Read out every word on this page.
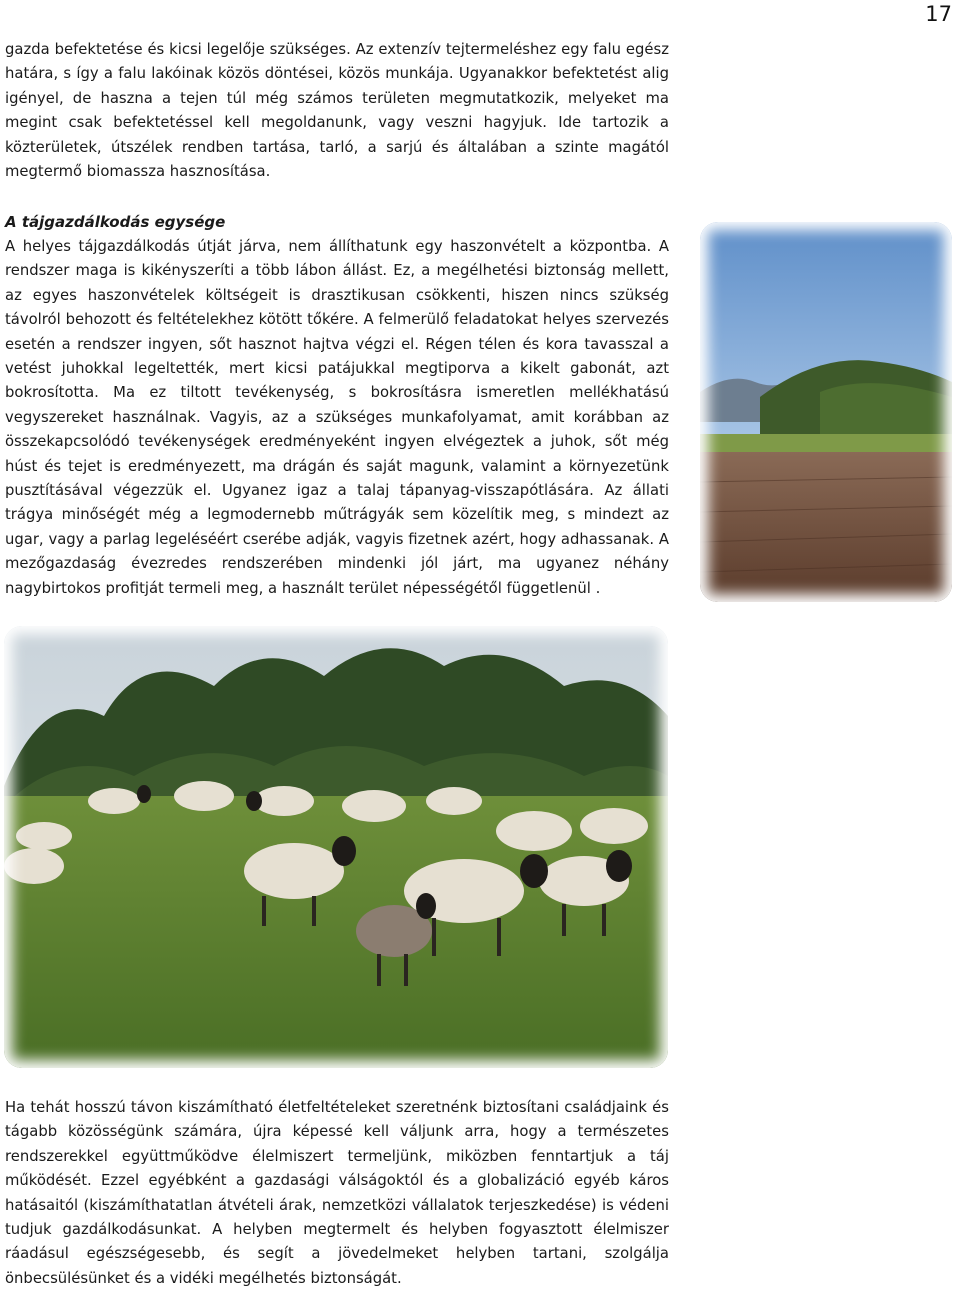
17

gazda befektetése és kicsi legelője szükséges. Az extenzív tejtermeléshez egy falu egész határa, s így a falu lakóinak közös döntései, közös munkája. Ugyanakkor befektetést alig igényel, de haszna a tejen túl még számos területen megmutatkozik, melyeket ma megint csak befektetéssel kell megoldanunk, vagy veszni hagyjuk. Ide tartozik a közterületek, útszélek rendben tartása, tarló, a sarjú és általában a szinte magától megtermő biomassza hasznosítása.

A tájgazdálkodás egysége

A helyes tájgazdálkodás útját járva, nem állíthatunk egy haszonvételt a központba. A rendszer maga is kikényszeríti a több lábon állást. Ez, a megélhetési biztonság mellett, az egyes haszonvételek költségeit is drasztikusan csökkenti, hiszen nincs szükség távolról behozott és feltételekhez kötött tőkére. A felmerülő feladatokat helyes szervezés esetén a rendszer ingyen, sőt hasznot hajtva végzi el. Régen télen és kora tavasszal a vetést juhokkal legeltették, mert kicsi patájukkal megtiporva a kikelt gabonát, azt bokrosította. Ma ez tiltott tevékenység, s bokrosításra ismeretlen mellékhatású vegyszereket használnak. Vagyis, az a szükséges munkafolyamat, amit korábban az összekapcsolódó tevékenységek eredményeként ingyen elvégeztek a juhok, sőt még húst és tejet is eredményezett, ma drágán és saját magunk, valamint a környezetünk pusztításával végezzük el. Ugyanez igaz a talaj tápanyag-visszapótlására. Az állati trágya minőségét még a legmodernebb műtrágyák sem közelítik meg, s mindezt az ugar, vagy a parlag legeléséért cserébe adják, vagyis fizetnek azért, hogy adhassanak. A mezőgazdaság évezredes rendszerében mindenki jól járt, ma ugyanez néhány nagybirtokos profitját termeli meg, a használt terület népességétől függetlenül .

Ha tehát hosszú távon kiszámítható életfeltételeket szeretnénk biztosítani családjaink és tágabb közösségünk számára, újra képessé kell váljunk arra, hogy a természetes rendszerekkel együttműködve élelmiszert termeljünk, miközben fenntartjuk a táj működését. Ezzel egyébként a gazdasági válságoktól és a globalizáció egyéb káros hatásaitól (kiszámíthatatlan átvételi árak, nemzetközi vállalatok terjeszkedése) is védeni tudjuk gazdálkodásunkat. A helyben megtermelt és helyben fogyasztott élelmiszer ráadásul egészségesebb, és segít a jövedelmeket helyben tartani, szolgálja önbecsülésünket és a vidéki megélhetés biztonságát.
